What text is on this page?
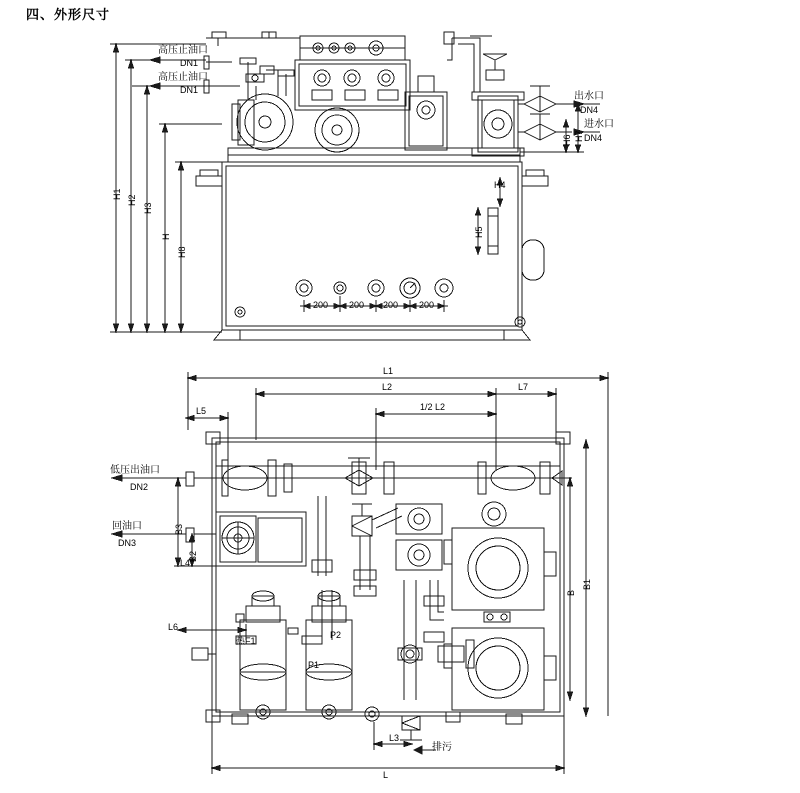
四、外形尺寸
高压止油口
DN1
高压止油口
DN1
出水口
DN4
进水口
DN4
H1
H2
H3
H
H8
H4
H5
H6 H7
200 200 200 200
L1
L2	L7
1/2 L2
L5
L
L3
B3
B2
L4
L6
B
B1
低压出油口
DN2
回油口
DN3
排污
热F1
P2
P1
